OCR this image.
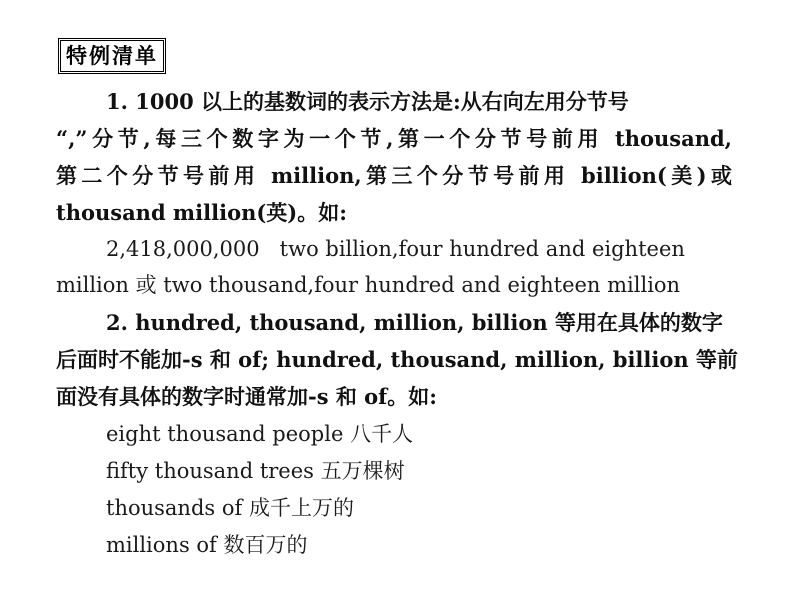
特例清单
1. 1000 以上的基数词的表示方法是:从右向左用分节号
“,”分节,每三个数字为一个节,第一个分节号前用 thousand,
第二个分节号前用 million,第三个分节号前用 billion(美)或
thousand million(英)。如:
2,418,000,000   two billion,four hundred and eighteen
million 或 two thousand,four hundred and eighteen million
2. hundred, thousand, million, billion 等用在具体的数字
后面时不能加-s 和 of; hundred, thousand, million, billion 等前
面没有具体的数字时通常加-s 和 of。如:
eight thousand people 八千人
fifty thousand trees 五万棵树
thousands of 成千上万的
millions of 数百万的
